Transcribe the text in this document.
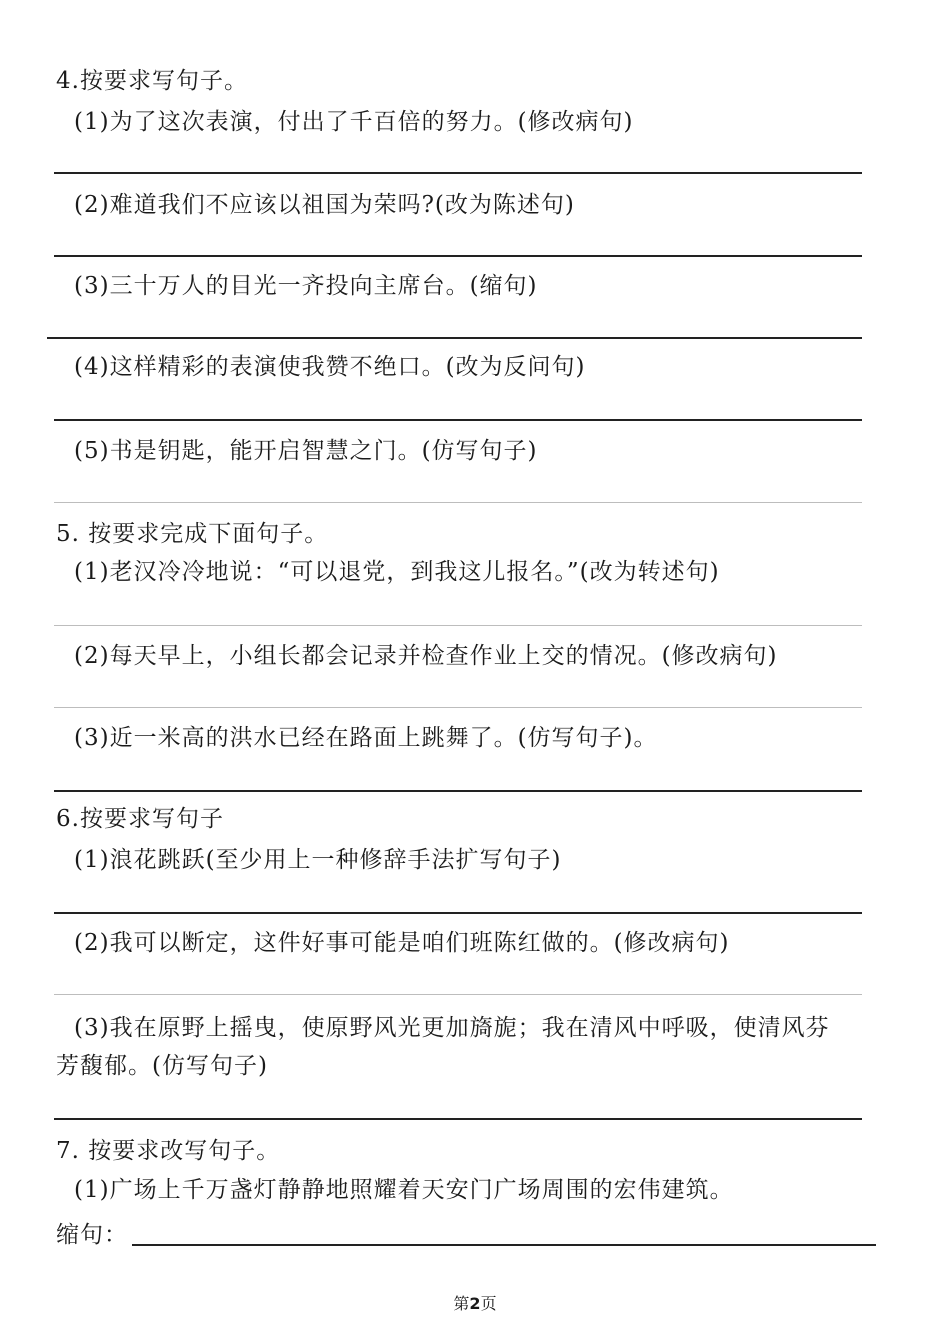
4.按要求写句子。
(1)为了这次表演，付出了千百倍的努力。(修改病句)
(2)难道我们不应该以祖国为荣吗?(改为陈述句)
(3)三十万人的目光一齐投向主席台。(缩句)
(4)这样精彩的表演使我赞不绝口。(改为反问句)
(5)书是钥匙，能开启智慧之门。(仿写句子)
5. 按要求完成下面句子。
(1)老汉冷冷地说：“可以退党，到我这儿报名。”(改为转述句)
(2)每天早上，小组长都会记录并检查作业上交的情况。(修改病句)
(3)近一米高的洪水已经在路面上跳舞了。(仿写句子)。
6.按要求写句子
(1)浪花跳跃(至少用上一种修辞手法扩写句子)
(2)我可以断定，这件好事可能是咱们班陈红做的。(修改病句)
(3)我在原野上摇曳，使原野风光更加旖旎；我在清风中呼吸，使清风芬
芳馥郁。(仿写句子)
7. 按要求改写句子。
(1)广场上千万盏灯静静地照耀着天安门广场周围的宏伟建筑。
缩句：
第2页
